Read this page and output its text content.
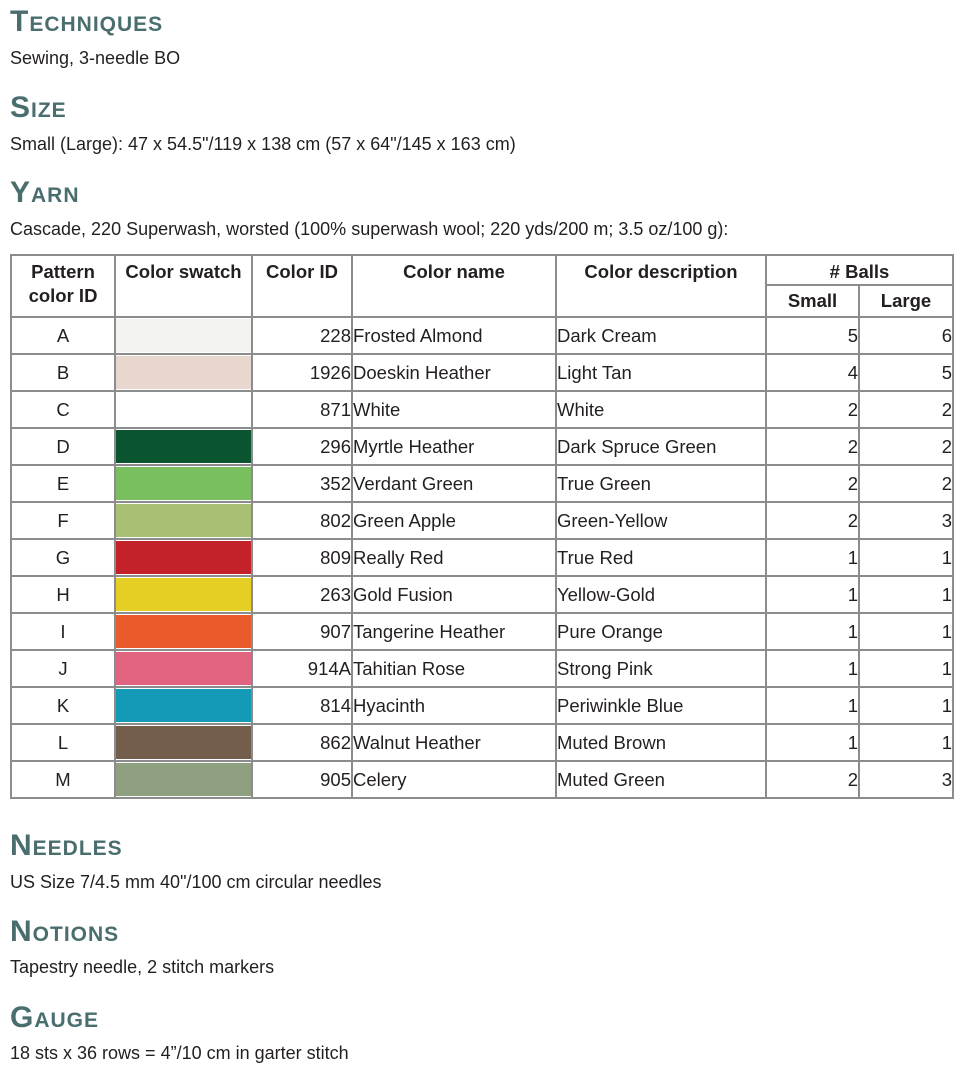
Techniques

Sewing, 3-needle BO

Size

Small (Large): 47 x 54.5"/119 x 138 cm (57 x 64"/145 x 163 cm)

Yarn

Cascade, 220 Superwash, worsted (100% superwash wool; 220 yds/200 m; 3.5 oz/100 g):

Pattern color ID	Color swatch	Color ID	Color name	Color description	# Balls	
					Small	Large
A		228	Frosted Almond	Dark Cream	5	6
B		1926	Doeskin Heather	Light Tan	4	5
C		871	White	White	2	2
D		296	Myrtle Heather	Dark Spruce Green	2	2
E		352	Verdant Green	True Green	2	2
F		802	Green Apple	Green-Yellow	2	3
G		809	Really Red	True Red	1	1
H		263	Gold Fusion	Yellow-Gold	1	1
I		907	Tangerine Heather	Pure Orange	1	1
J		914A	Tahitian Rose	Strong Pink	1	1
K		814	Hyacinth	Periwinkle Blue	1	1
L		862	Walnut Heather	Muted Brown	1	1
M		905	Celery	Muted Green	2	3
Needles

US Size 7/4.5 mm 40"/100 cm circular needles

Notions

Tapestry needle, 2 stitch markers

Gauge

18 sts x 36 rows = 4”/10 cm in garter stitch
